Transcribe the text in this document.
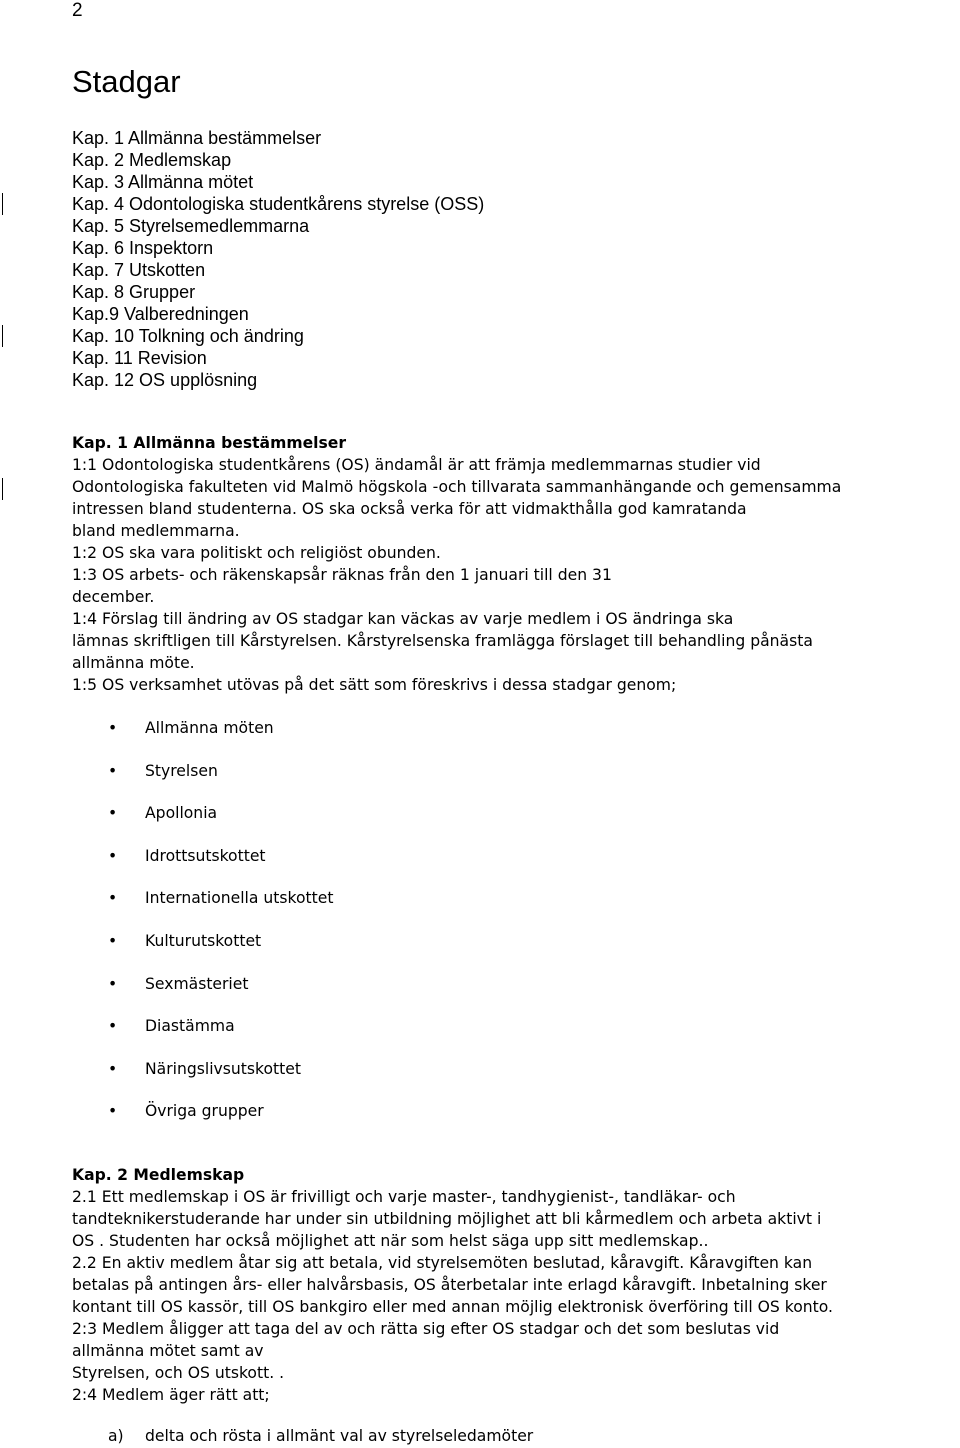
2
Stadgar
Kap. 1 Allmänna bestämmelser
Kap. 2 Medlemskap
Kap. 3 Allmänna mötet
Kap. 4 Odontologiska studentkårens styrelse (OSS)
Kap. 5 Styrelsemedlemmarna
Kap. 6 Inspektorn
Kap. 7 Utskotten
Kap. 8 Grupper
Kap.9 Valberedningen
Kap. 10 Tolkning och ändring
Kap. 11 Revision
Kap. 12 OS upplösning
Kap. 1 Allmänna bestämmelser

1:1 Odontologiska studentkårens (OS) ändamål är att främja medlemmarnas studier vid

Odontologiska fakulteten vid Malmö högskola -och tillvarata sammanhängande och gemensamma

intressen bland studenterna. OS ska också verka för att vidmakthålla god kamratanda

bland medlemmarna.

1:2 OS ska vara politiskt och religiöst obunden.

1:3 OS arbets- och räkenskapsår räknas från den 1 januari till den 31

december.

1:4 Förslag till ändring av OS stadgar kan väckas av varje medlem i OS ändringa ska

lämnas skriftligen till Kårstyrelsen. Kårstyrelsenska framlägga förslaget till behandling pånästa

allmänna möte.

1:5 OS verksamhet utövas på det sätt som föreskrivs i dessa stadgar genom;

• Allmänna möten
• Styrelsen
• Apollonia
• Idrottsutskottet
• Internationella utskottet
• Kulturutskottet
• Sexmästeriet
• Diastämma
• Näringslivsutskottet
• Övriga grupper
Kap. 2 Medlemskap

2.1 Ett medlemskap i OS är frivilligt och varje master-, tandhygienist-, tandläkar- och

tandteknikerstuderande har under sin utbildning möjlighet att bli kårmedlem och arbeta aktivt i

OS . Studenten har också möjlighet att när som helst säga upp sitt medlemskap..

2.2 En aktiv medlem åtar sig att betala, vid styrelsemöten beslutad, kåravgift. Kåravgiften kan

betalas på antingen års- eller halvårsbasis, OS återbetalar inte erlagd kåravgift. Inbetalning sker

kontant till OS kassör, till OS bankgiro eller med annan möjlig elektronisk överföring till OS konto.

2:3 Medlem åligger att taga del av och rätta sig efter OS stadgar och det som beslutas vid

allmänna mötet samt av

Styrelsen, och OS utskott. .

2:4 Medlem äger rätt att;

a) delta och rösta i allmänt val av styrelseledamöter
